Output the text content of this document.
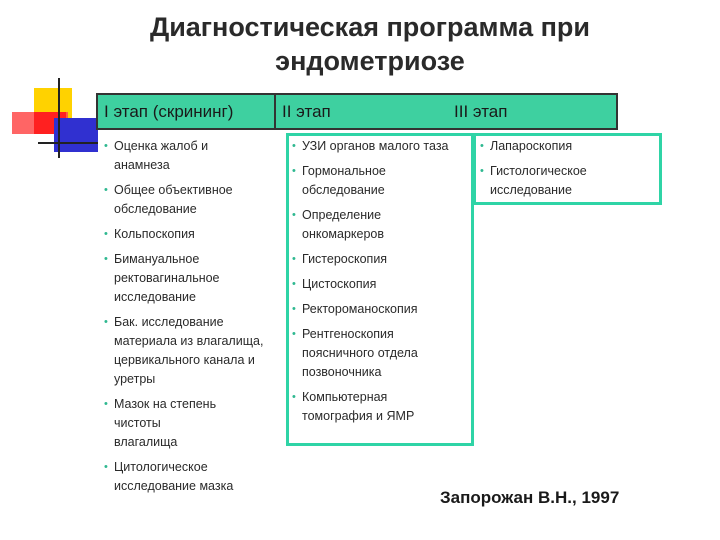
Диагностическая программа при
эндометриозе
I этап (скрининг)	II этап	III этап
• Оценка жалоб и
анамнеза
• Общее объективное
обследование
• Кольпоскопия
• Бимануальное
ректовагинальное
исследование
• Бак. исследование
материала из влагалища,
цервикального канала и
уретры
• Мазок на степень
чистоты
влагалища
• Цитологическое
исследование мазка
• УЗИ органов малого таза
• Гормональное
обследование
• Определение
онкомаркеров
• Гистероскопия
• Цистоскопия
• Ректороманоскопия
• Рентгеноскопия
поясничного отдела
позвоночника
• Компьютерная
томография и ЯМР
• Лапароскопия
• Гистологическое
исследование
Запорожан В.Н., 1997
